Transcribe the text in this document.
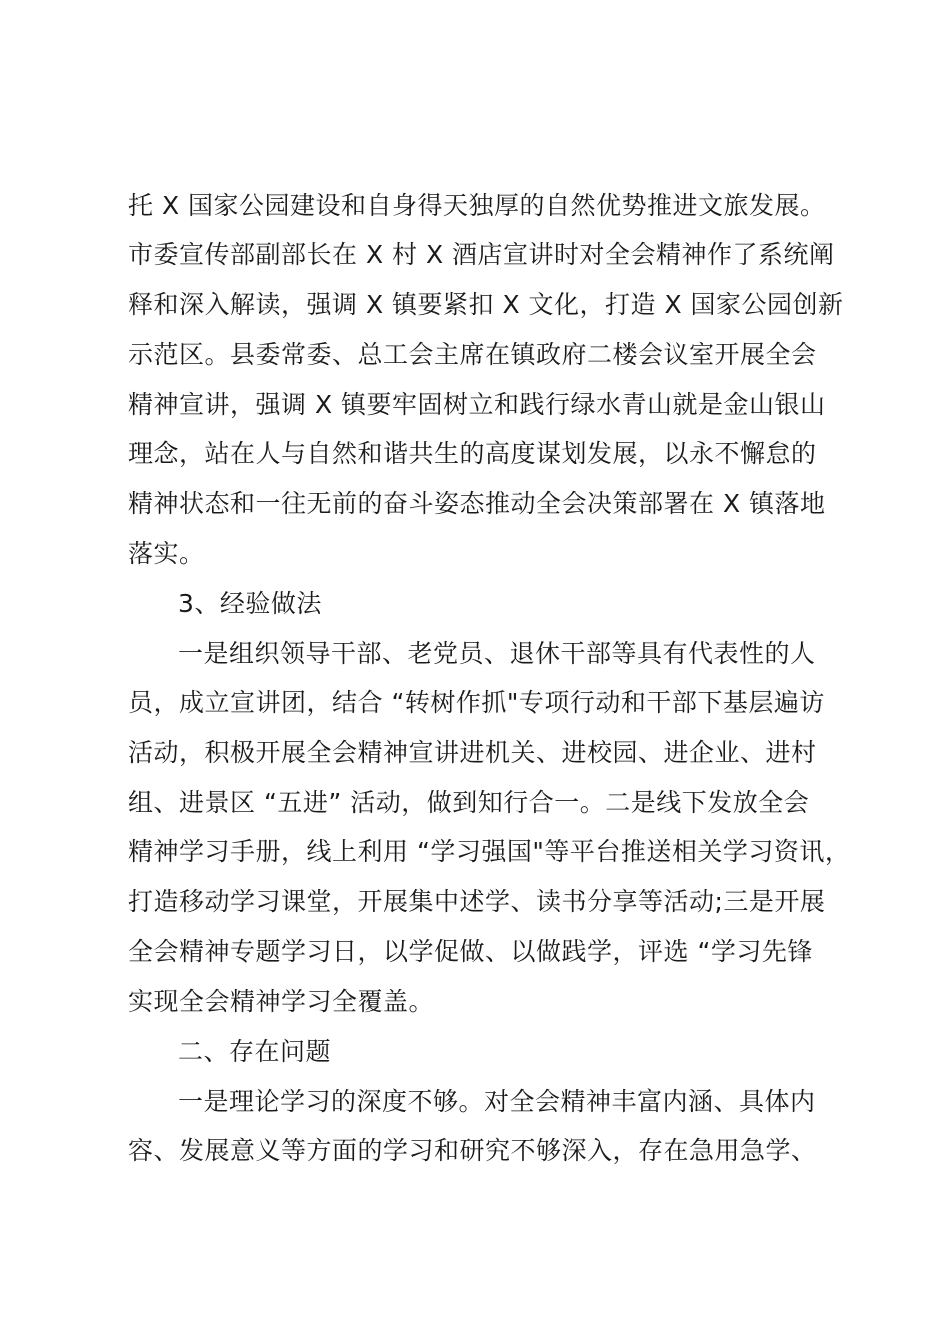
托 X 国家公园建设和自身得天独厚的自然优势推进文旅发展。
市委宣传部副部长在 X 村 X 酒店宣讲时对全会精神作了系统阐
释和深入解读，强调 X 镇要紧扣 X 文化，打造 X 国家公园创新
示范区。县委常委、总工会主席在镇政府二楼会议室开展全会
精神宣讲，强调 X 镇要牢固树立和践行绿水青山就是金山银山
理念，站在人与自然和谐共生的高度谋划发展，以永不懈怠的
精神状态和一往无前的奋斗姿态推动全会决策部署在 X 镇落地
落实。
3、经验做法
一是组织领导干部、老党员、退休干部等具有代表性的人
员，成立宣讲团，结合 “转树作抓"专项行动和干部下基层遍访
活动，积极开展全会精神宣讲进机关、进校园、进企业、进村
组、进景区 “五进” 活动，做到知行合一。二是线下发放全会
精神学习手册，线上利用 “学习强国"等平台推送相关学习资讯，
打造移动学习课堂，开展集中述学、读书分享等活动;三是开展
全会精神专题学习日，以学促做、以做践学，评选 “学习先锋
实现全会精神学习全覆盖。
二、存在问题
一是理论学习的深度不够。对全会精神丰富内涵、具体内
容、发展意义等方面的学习和研究不够深入，存在急用急学、
